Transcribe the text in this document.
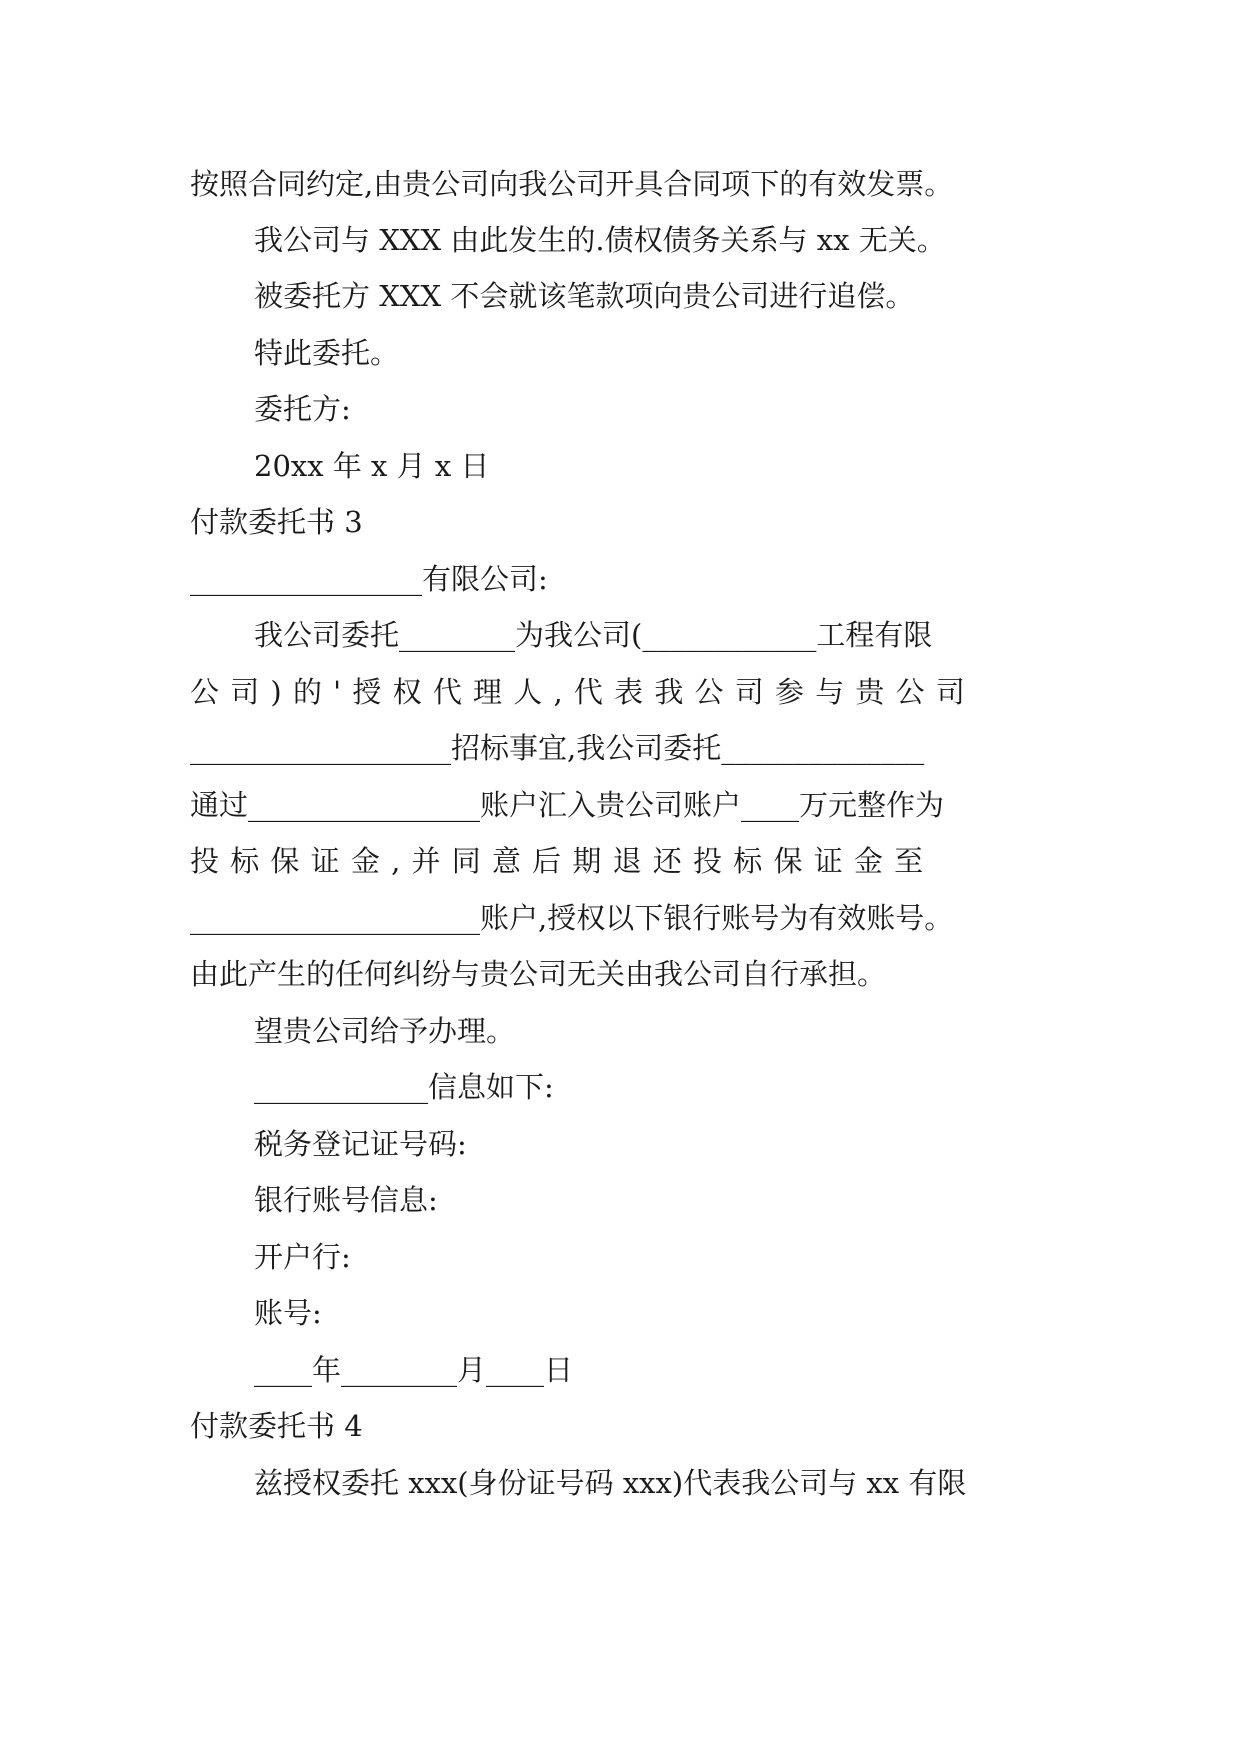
按照合同约定,由贵公司向我公司开具合同项下的有效发票。
我公司与 XXX 由此发生的.债权债务关系与 xx 无关。
被委托方 XXX 不会就该笔款项向贵公司进行追偿。
特此委托。
委托方:
20xx 年 x 月 x 日
付款委托书 3
________________有限公司:
我公司委托________为我公司(____________工程有限
公 司 ) 的 ' 授 权 代 理 人 , 代 表 我 公 司 参 与 贵 公 司
__________________招标事宜,我公司委托______________
通过________________账户汇入贵公司账户____万元整作为
投 标 保 证 金 , 并 同 意 后 期 退 还 投 标 保 证 金 至
____________________账户,授权以下银行账号为有效账号。
由此产生的任何纠纷与贵公司无关由我公司自行承担。
望贵公司给予办理。
____________信息如下:
税务登记证号码:
银行账号信息:
开户行:
账号:
____年________月____日
付款委托书 4
兹授权委托 xxx(身份证号码 xxx)代表我公司与 xx 有限
